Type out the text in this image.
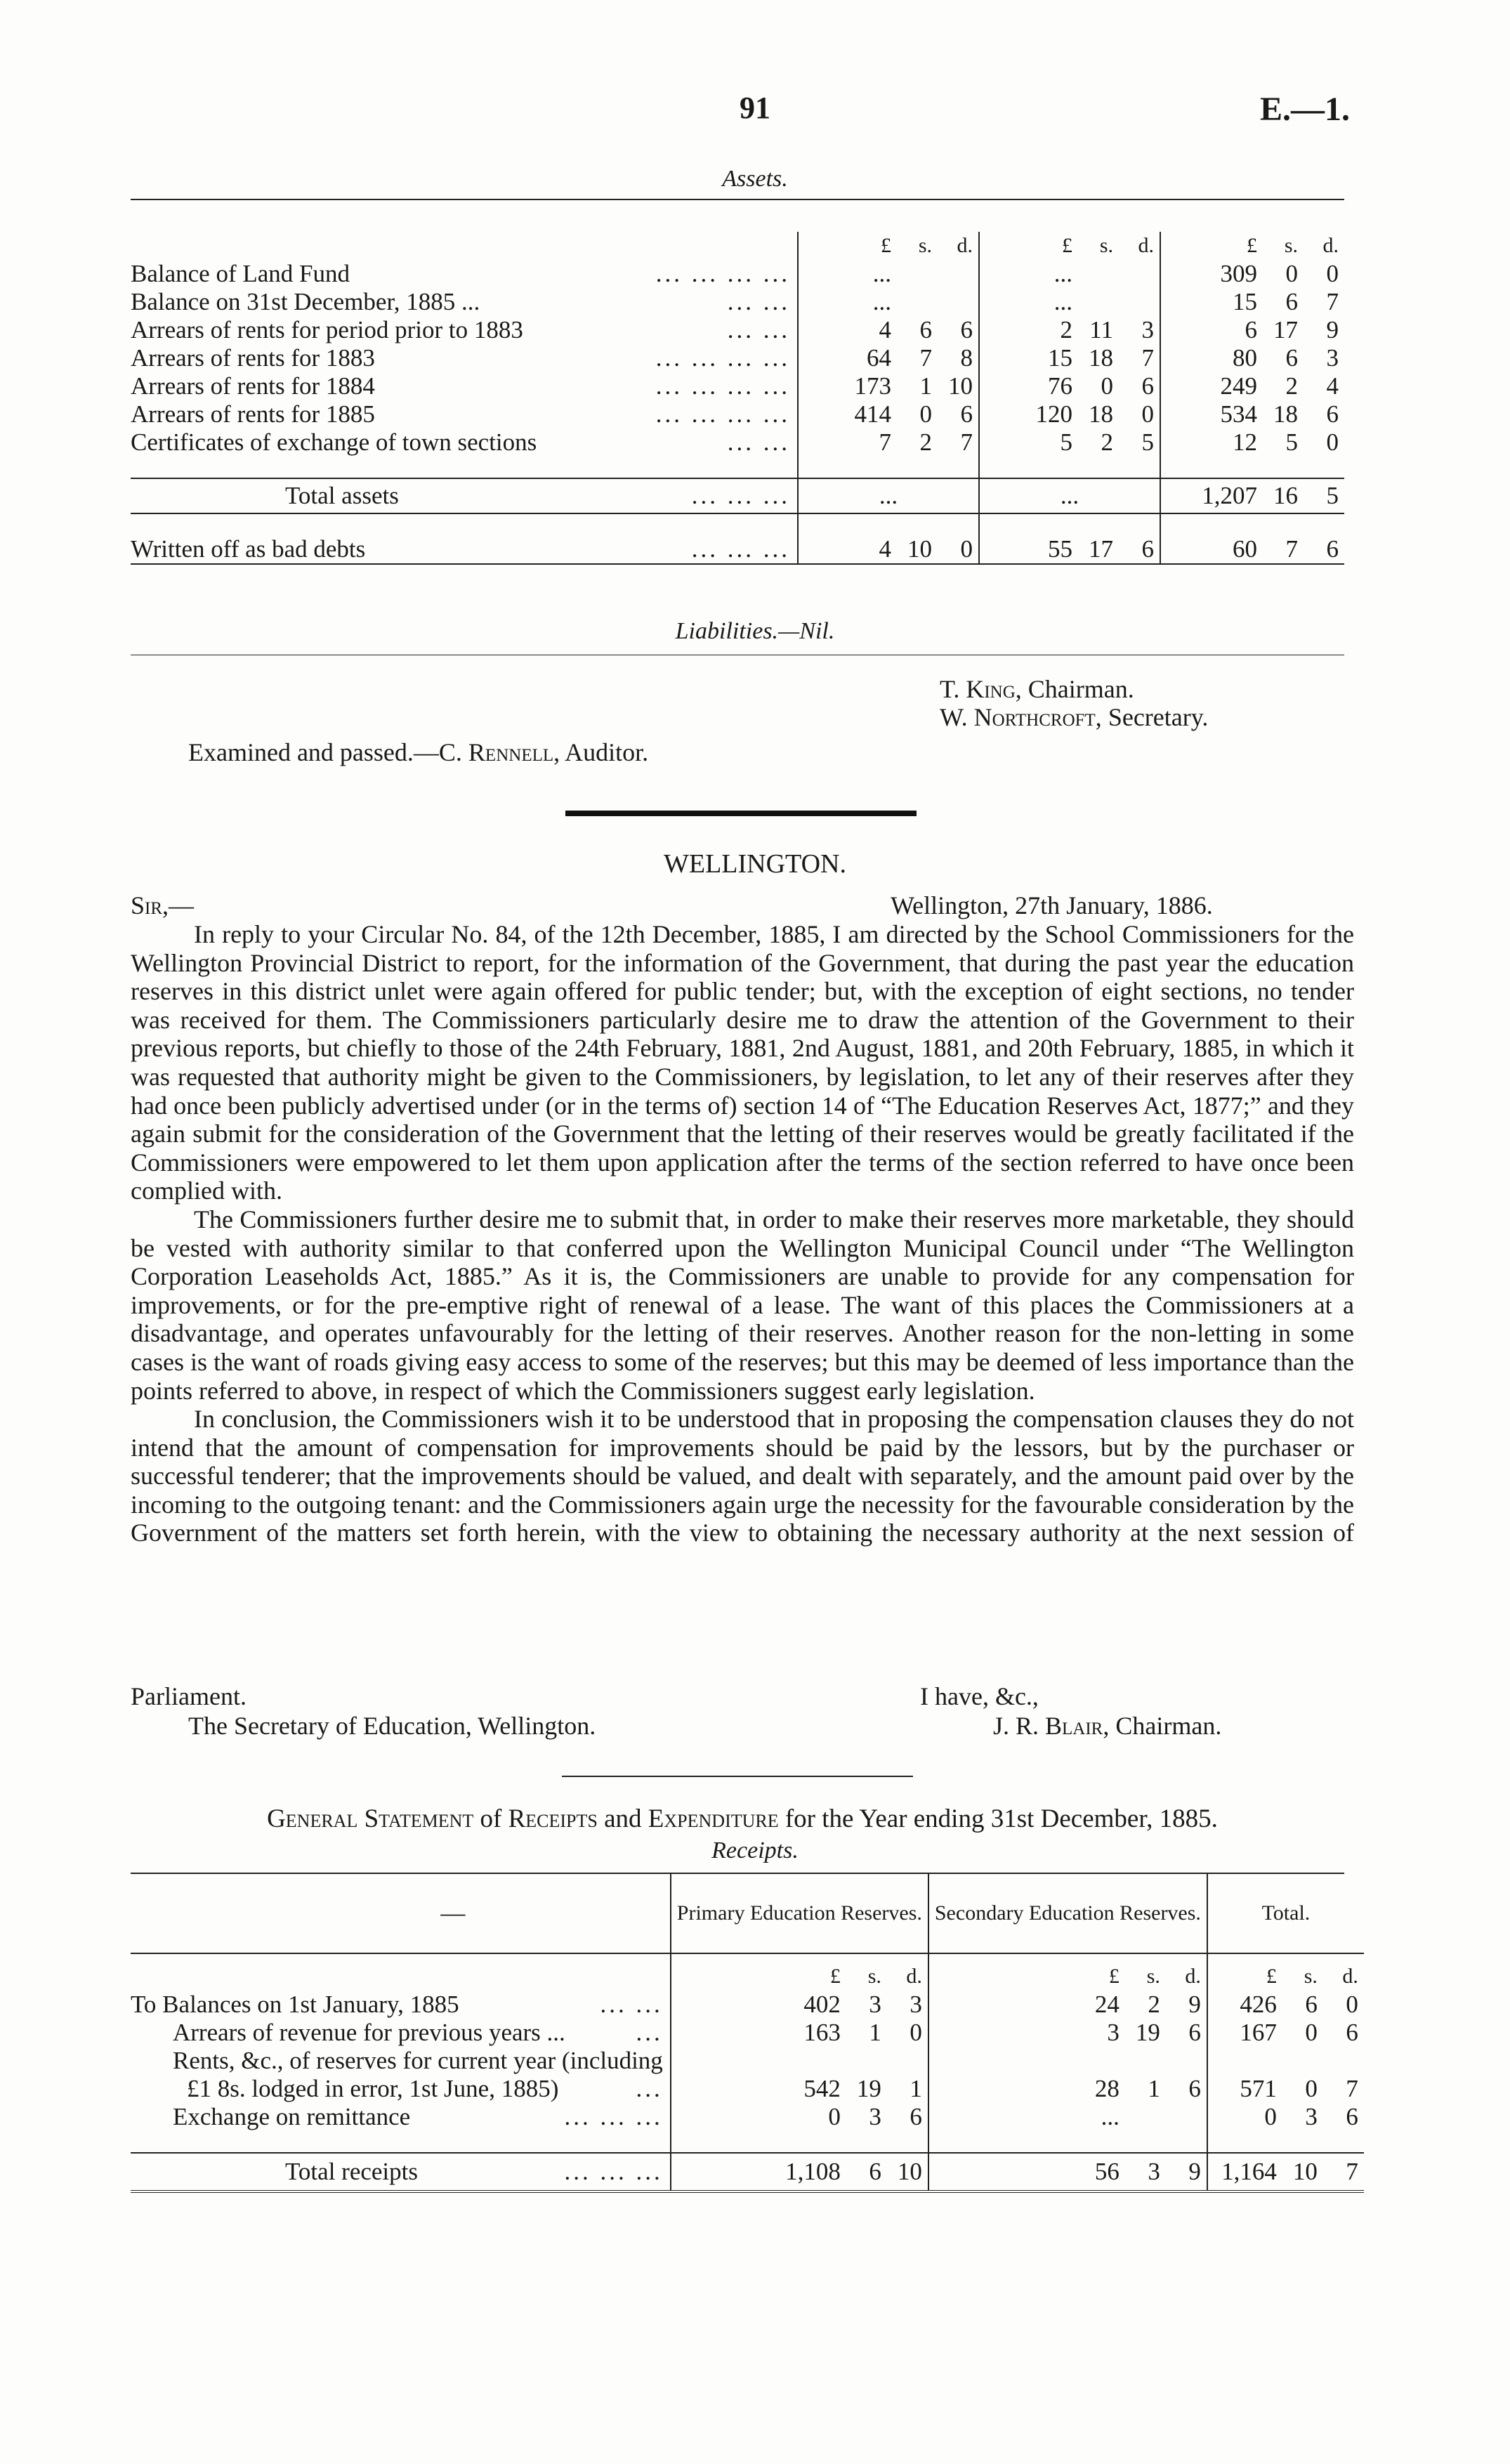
91	E.—1.
Assets.
	£ s. d.	£ s. d.	£ s. d.
Balance of Land Fund ... ... ... ...	...	...	309 0 0
Balance on 31st December, 1885 ... ... ...	...	...	15 6 7
Arrears of rents for period prior to 1883 ... ...	4 6 6	2 11 3	6 17 9
Arrears of rents for 1883 ... ... ... ...	64 7 8	15 18 7	80 6 3
Arrears of rents for 1884 ... ... ... ...	173 1 10	76 0 6	249 2 4
Arrears of rents for 1885 ... ... ... ...	414 0 6	120 18 0	534 18 6
Certificates of exchange of town sections ... ...	7 2 7	5 2 5	12 5 0

Total assets ... ... ...	...	...	1,207 16 5

Written off as bad debts ... ... ...	4 10 0	55 17 6	60 7 6
Liabilities.—Nil.
T. King, Chairman.
W. Northcroft, Secretary.
Examined and passed.—C. Rennell, Auditor.
WELLINGTON.
Sir,—	Wellington, 27th January, 1886.

In reply to your Circular No. 84, of the 12th December, 1885, I am directed by the School Commissioners for the Wellington Provincial District to report, for the information of the Government, that during the past year the education reserves in this district unlet were again offered for public tender; but, with the exception of eight sections, no tender was received for them. The Commissioners particularly desire me to draw the attention of the Government to their previous reports, but chiefly to those of the 24th February, 1881, 2nd August, 1881, and 20th February, 1885, in which it was requested that authority might be given to the Commissioners, by legislation, to let any of their reserves after they had once been publicly advertised under (or in the terms of) section 14 of “The Education Reserves Act, 1877;” and they again submit for the consideration of the Government that the letting of their reserves would be greatly facilitated if the Commissioners were empowered to let them upon application after the terms of the section referred to have once been complied with.

The Commissioners further desire me to submit that, in order to make their reserves more marketable, they should be vested with authority similar to that conferred upon the Wellington Municipal Council under “The Wellington Corporation Leaseholds Act, 1885.” As it is, the Commissioners are unable to provide for any compensation for improvements, or for the pre-emptive right of renewal of a lease. The want of this places the Commissioners at a disadvantage, and operates unfavourably for the letting of their reserves. Another reason for the non-letting in some cases is the want of roads giving easy access to some of the reserves; but this may be deemed of less importance than the points referred to above, in respect of which the Commissioners suggest early legislation.

In conclusion, the Commissioners wish it to be understood that in proposing the compensation clauses they do not intend that the amount of compensation for improvements should be paid by the lessors, but by the purchaser or successful tenderer; that the improvements should be valued, and dealt with separately, and the amount paid over by the incoming to the outgoing tenant: and the Commissioners again urge the necessity for the favourable consideration by the Government of the matters set forth herein, with the view to obtaining the necessary authority at the next session of

Parliament.	I have, &c.,
The Secretary of Education, Wellington.	J. R. Blair, Chairman.
General Statement of Receipts and Expenditure for the Year ending 31st December, 1885.
Receipts.
—	Primary Education Reserves.	Secondary Education Reserves.	Total.
	£ s. d.	£ s. d.	£ s. d.
To Balances on 1st January, 1885 ... ...	402 3 3	24 2 9	426 6 0
Arrears of revenue for previous years ... ...	163 1 0	3 19 6	167 0 6
Rents, &c., of reserves for current year (including

£1 8s. lodged in error, 1st June, 1885) ...	542 19 1	28 1 6	571 0 7
Exchange on remittance ... ... ...	0 3 6	...	0 3 6

Total receipts ... ... ...	1,108 6 10	56 3 9	1,164 10 7
